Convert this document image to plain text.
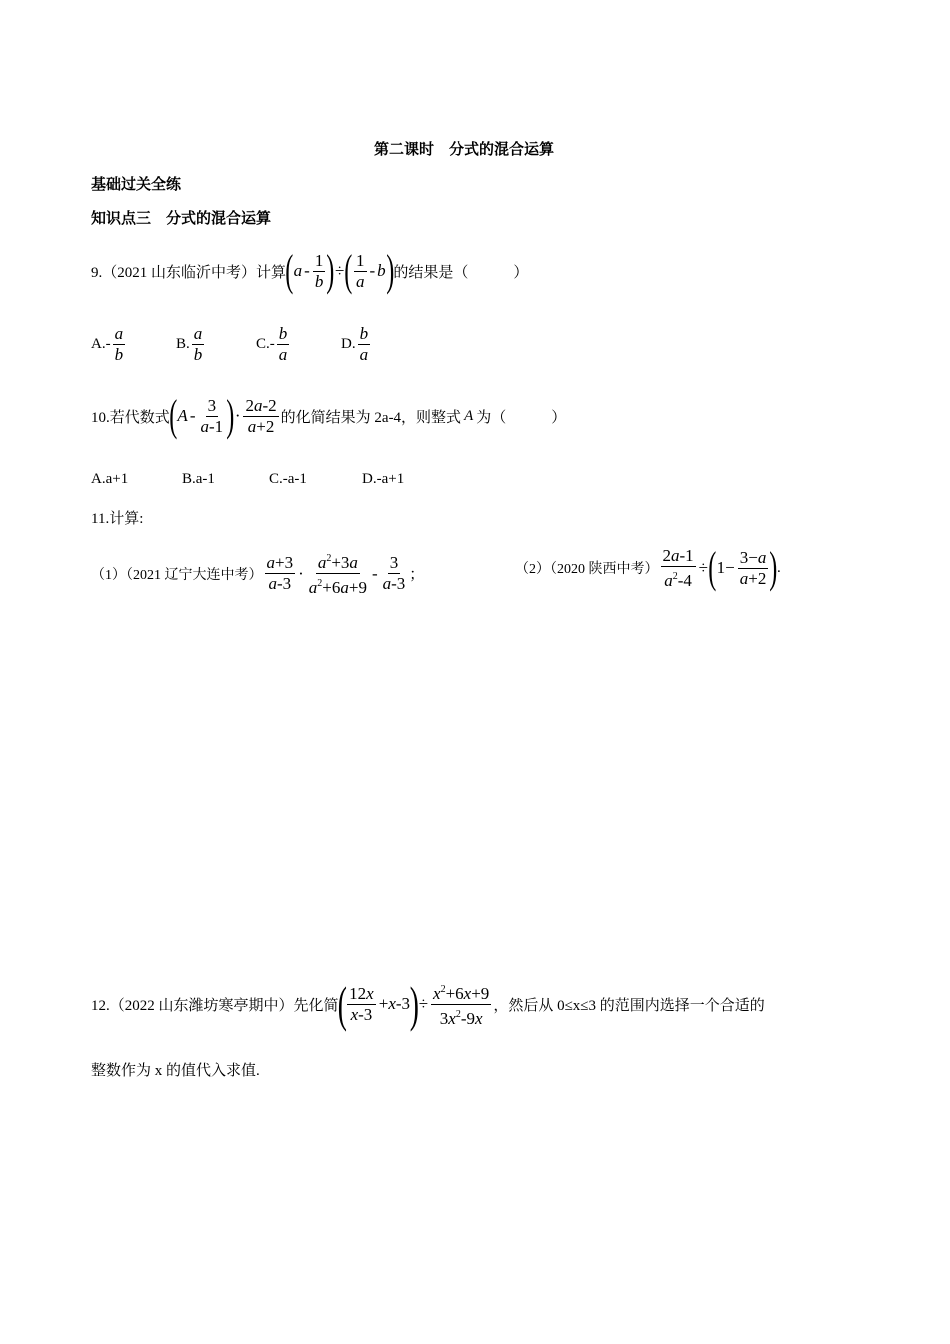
第二课时　分式的混合运算
基础过关全练
知识点三　分式的混合运算
9.（2021 山东临沂中考）计算 ( a - $\frac{1}{b}$ ) ÷ ( $\frac{1}{a}$ - b ) 的结果是（　　　）
$A.- \frac{a}{b}$	B. $\frac{a}{b}$	$C.- \frac{b}{a}$	D. $\frac{b}{a}$
10.若代数式 ( A - $\frac{3}{a-1}$ ) · $\frac{2a-2}{a+2}$ 的化简结果为 2a-4，则整式 A 为（　　　）
A.a+1	B.a-1	C.-a-1	D.-a+1
11.计算:
（1）（2021 辽宁大连中考） $\frac{a+3}{a-3} \cdot \frac{a^2+3a}{a^2+6a+9} - \frac{3}{a-3}$ ；	（2）（2020 陕西中考） $\frac{2a-1}{a^2-4}$ ÷ ( $1- \frac{3-a}{a+2}$ ) .
12.（2022 山东潍坊寒亭期中）先化简
( $\frac{12x}{x-3} +x-3$ ) ÷ $\frac{x^2+6x+9}{3x^2-9x}$ ，然后从 0≤x≤3 的范围内选择一个合适的
整数作为 x 的值代入求值.
